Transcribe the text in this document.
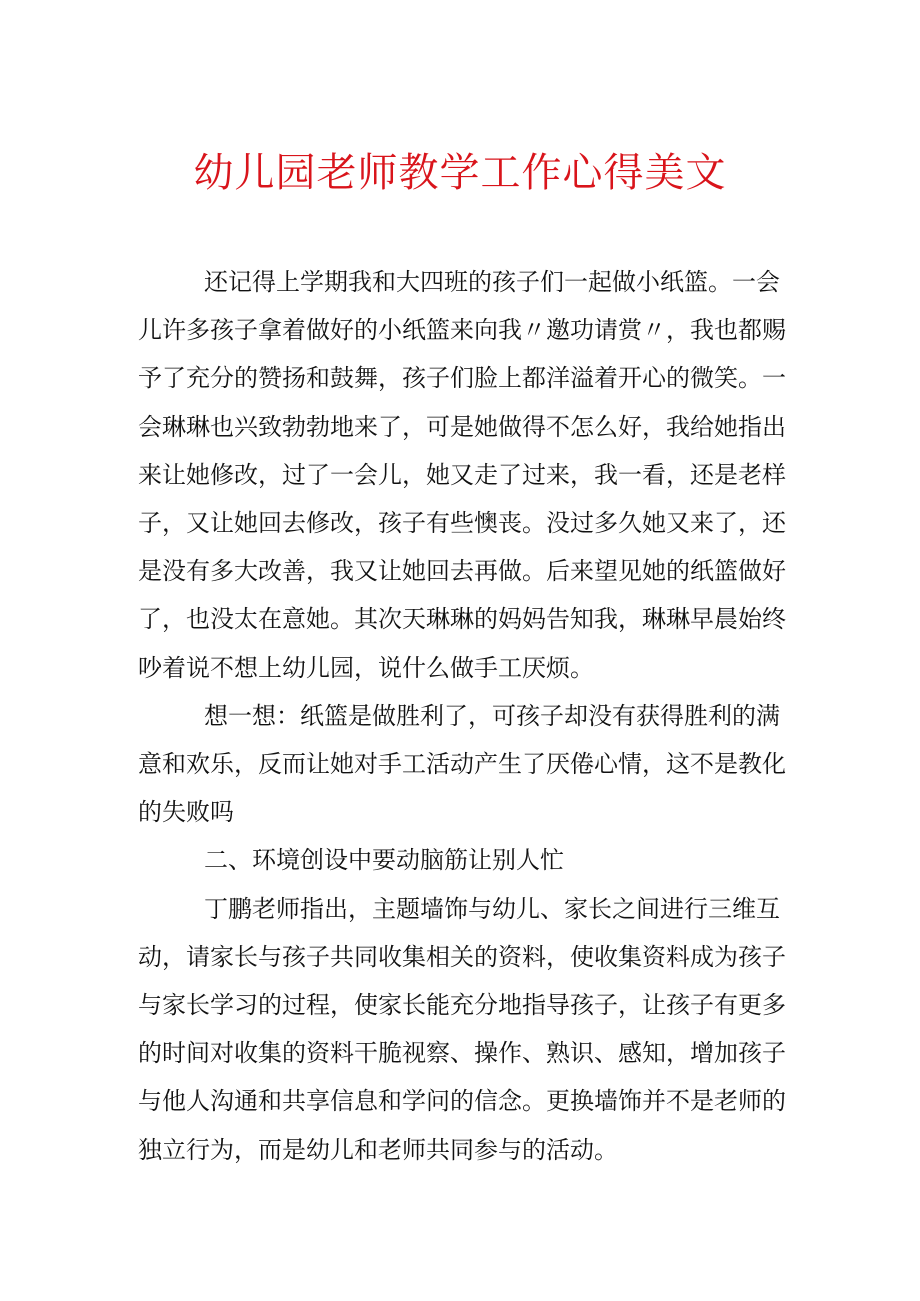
幼儿园老师教学工作心得美文

还记得上学期我和大四班的孩子们一起做小纸篮。一会儿许多孩子拿着做好的小纸篮来向我〃邀功请赏〃，我也都赐予了充分的赞扬和鼓舞，孩子们脸上都洋溢着开心的微笑。一会琳琳也兴致勃勃地来了，可是她做得不怎么好，我给她指出来让她修改，过了一会儿，她又走了过来，我一看，还是老样子，又让她回去修改，孩子有些懊丧。没过多久她又来了，还是没有多大改善，我又让她回去再做。后来望见她的纸篮做好了，也没太在意她。其次天琳琳的妈妈告知我，琳琳早晨始终吵着说不想上幼儿园，说什么做手工厌烦。

想一想：纸篮是做胜利了，可孩子却没有获得胜利的满意和欢乐，反而让她对手工活动产生了厌倦心情，这不是教化的失败吗

二、环境创设中要动脑筋让别人忙

丁鹏老师指出，主题墙饰与幼儿、家长之间进行三维互动，请家长与孩子共同收集相关的资料，使收集资料成为孩子与家长学习的过程，使家长能充分地指导孩子，让孩子有更多的时间对收集的资料干脆视察、操作、熟识、感知，增加孩子与他人沟通和共享信息和学问的信念。更换墙饰并不是老师的独立行为，而是幼儿和老师共同参与的活动。
